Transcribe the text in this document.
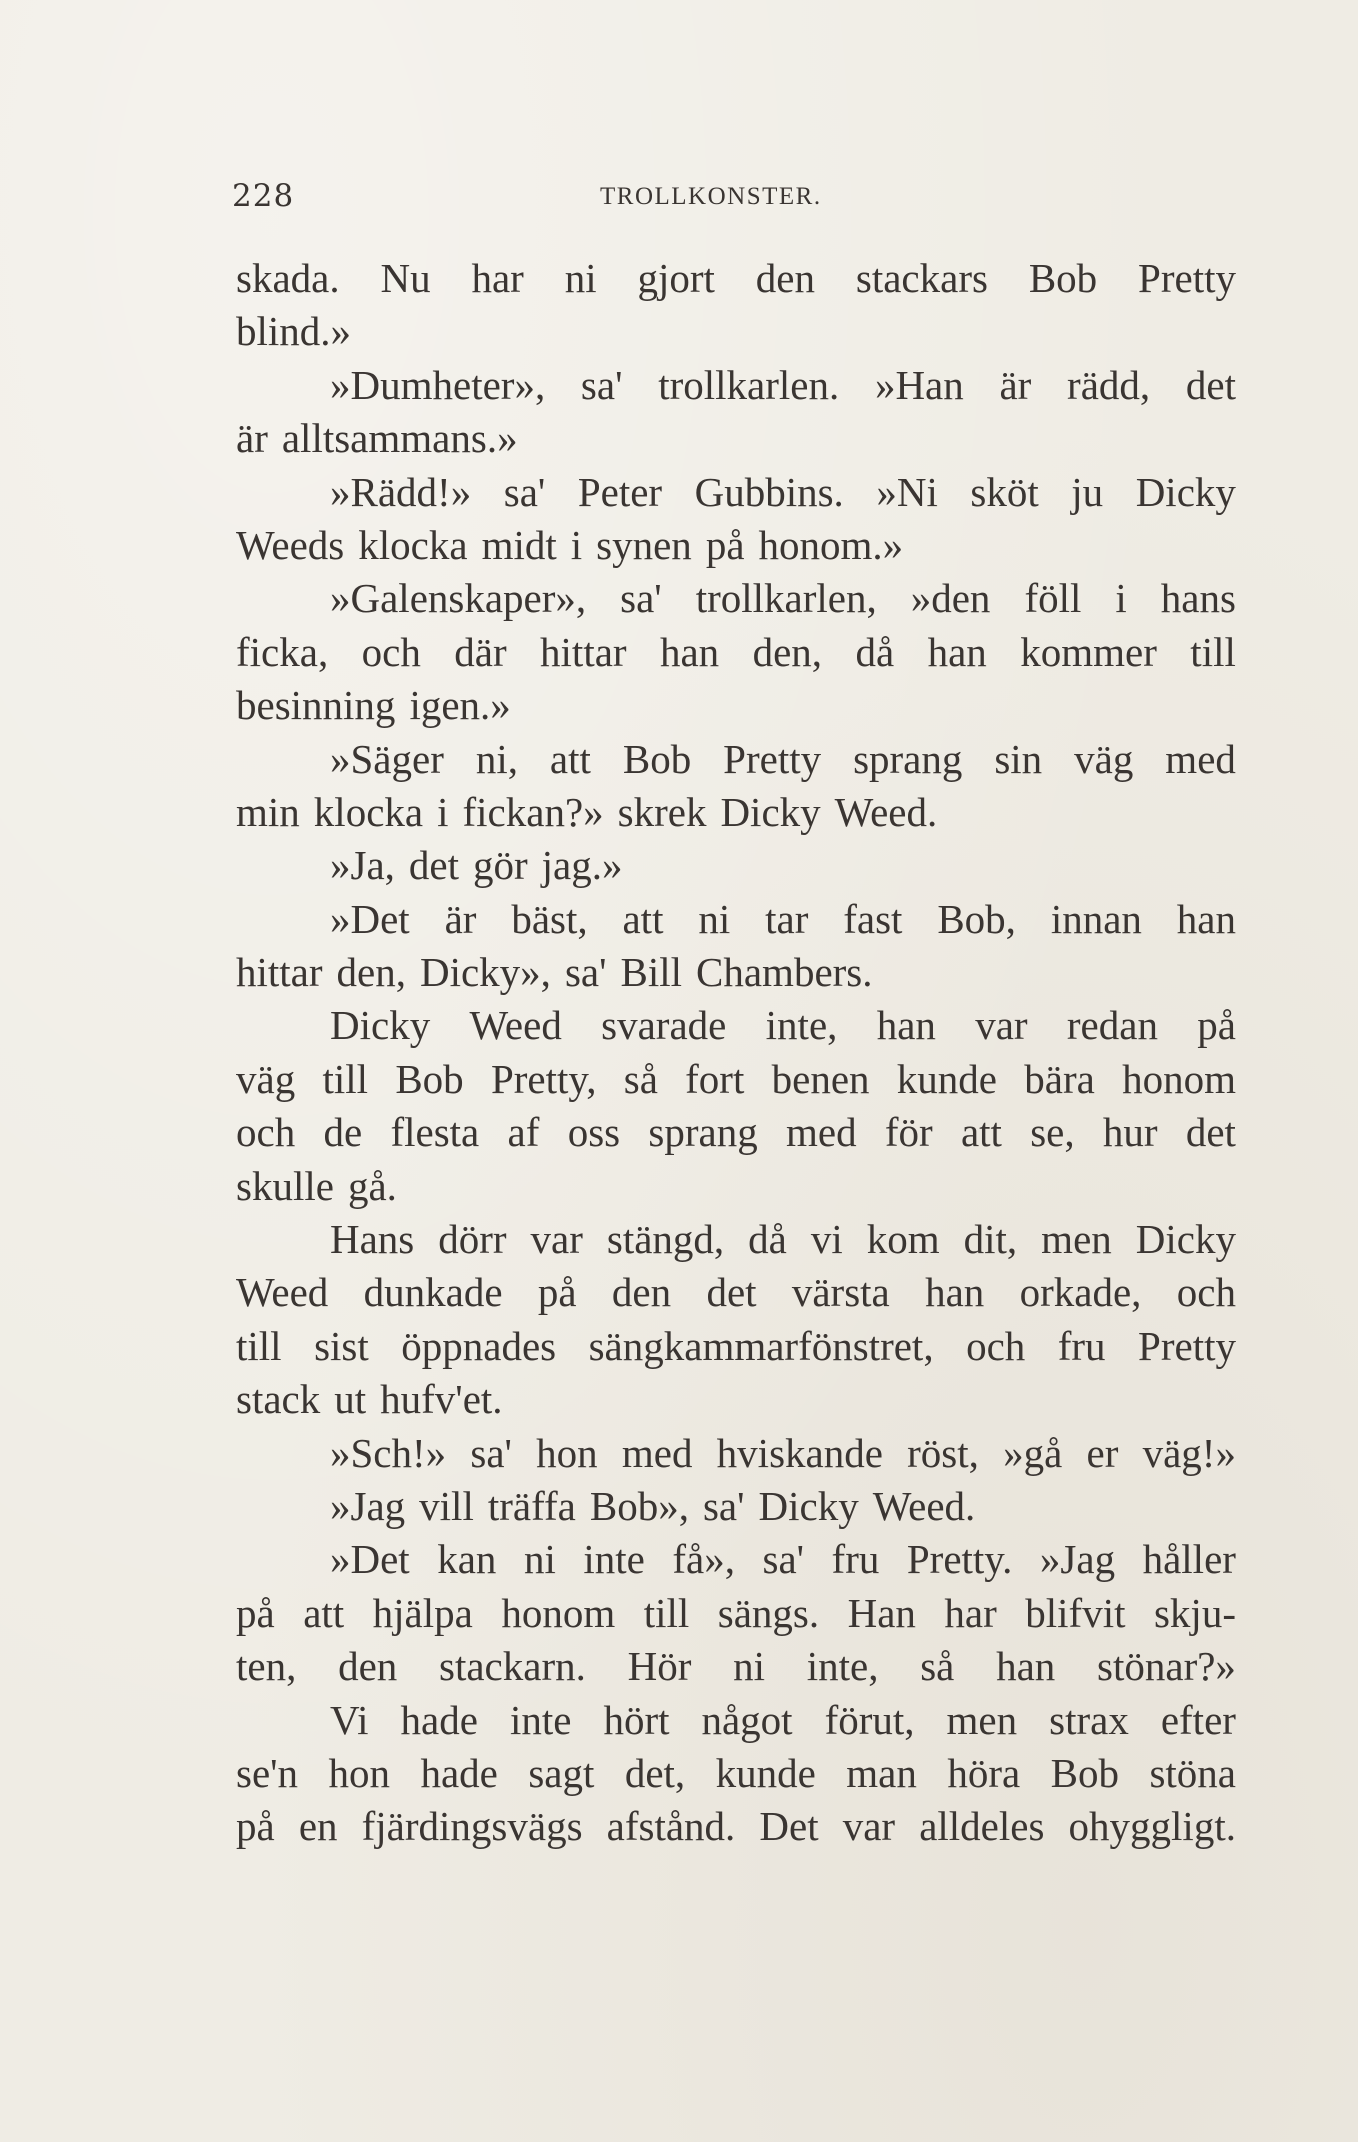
228	TROLLKONSTER.
skada. Nu har ni gjort den stackars Bob Pretty
blind.»
»Dumheter», sa' trollkarlen. »Han är rädd, det
är alltsammans.»
»Rädd!» sa' Peter Gubbins. »Ni sköt ju Dicky
Weeds klocka midt i synen på honom.»
»Galenskaper», sa' trollkarlen, »den föll i hans
ficka, och där hittar han den, då han kommer till
besinning igen.»
»Säger ni, att Bob Pretty sprang sin väg med
min klocka i fickan?» skrek Dicky Weed.
»Ja, det gör jag.»
»Det är bäst, att ni tar fast Bob, innan han
hittar den, Dicky», sa' Bill Chambers.
Dicky Weed svarade inte, han var redan på
väg till Bob Pretty, så fort benen kunde bära honom
och de flesta af oss sprang med för att se, hur det
skulle gå.
Hans dörr var stängd, då vi kom dit, men Dicky
Weed dunkade på den det värsta han orkade, och
till sist öppnades sängkammarfönstret, och fru Pretty
stack ut hufv'et.
»Sch!» sa' hon med hviskande röst, »gå er väg!»
»Jag vill träffa Bob», sa' Dicky Weed.
»Det kan ni inte få», sa' fru Pretty. »Jag håller
på att hjälpa honom till sängs. Han har blifvit skju-
ten, den stackarn. Hör ni inte, så han stönar?»
Vi hade inte hört något förut, men strax efter
se'n hon hade sagt det, kunde man höra Bob stöna
på en fjärdingsvägs afstånd. Det var alldeles ohyggligt.
